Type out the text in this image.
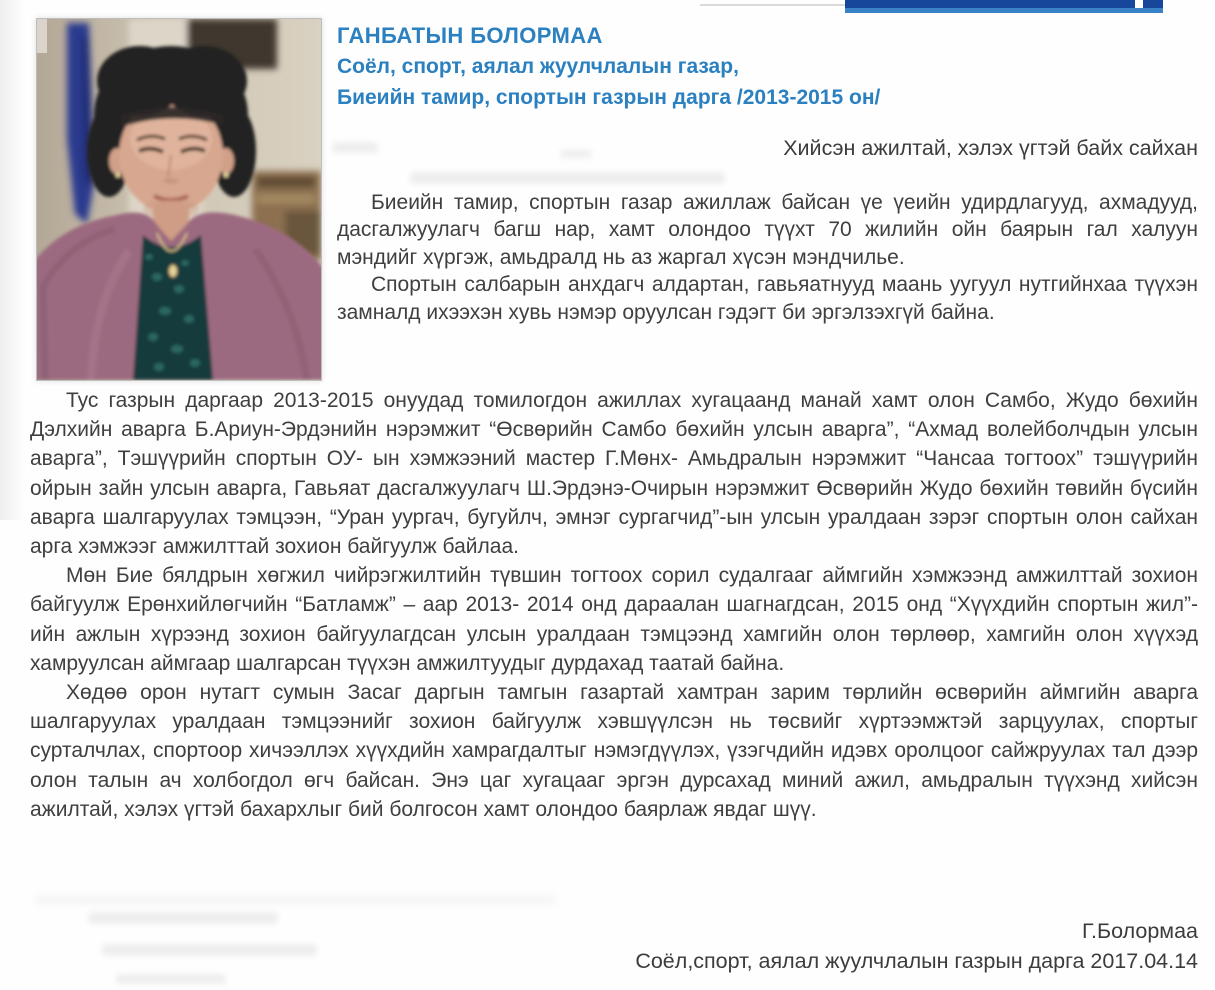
ГАНБАТЫН БОЛОРМАА

Соёл, спорт, аялал жуулчлалын газар,

Биеийн тамир, спортын газрын дарга /2013-2015 он/

Хийсэн ажилтай, хэлэх үгтэй байх сайхан

Биеийн тамир, спортын газар ажиллаж байсан үе үеийн удирдлагууд, ахмадууд, дасгалжуулагч багш нар, хамт олондоо түүхт 70 жилийн ойн баярын гал халуун мэндийг хүргэж, амьдралд нь аз жаргал хүсэн мэндчилье.

Спортын салбарын анхдагч алдартан, гавьяатнууд маань уугуул нутгийнхаа түүхэн замналд ихээхэн хувь нэмэр оруулсан гэдэгт би эргэлзэхгүй байна.

Тус газрын даргаар 2013-2015 онуудад томилогдон ажиллах хугацаанд манай хамт олон Самбо, Жудо бөхийн Дэлхийн аварга Б.Ариун-Эрдэнийн нэрэмжит “Өсвөрийн Самбо бөхийн улсын аварга”, “Ахмад волейболчдын улсын аварга”, Тэшүүрийн спортын ОУ- ын хэмжээний мастер Г.Мөнх- Амьдралын нэрэмжит “Чансаа тогтоох” тэшүүрийн ойрын зайн улсын аварга, Гавьяат дасгалжуулагч Ш.Эрдэнэ-Очирын нэрэмжит Өсвөрийн Жудо бөхийн төвийн бүсийн аварга шалгаруулах тэмцээн, “Уран уургач, бугуйлч, эмнэг сургагчид”-ын улсын уралдаан зэрэг спортын олон сайхан арга хэмжээг амжилттай зохион байгуулж байлаа.

Мөн Бие бялдрын хөгжил чийрэгжилтийн түвшин тогтоох сорил судалгааг аймгийн хэмжээнд амжилттай зохион байгуулж Ерөнхийлөгчийн “Батламж” – аар 2013- 2014 онд дараалан шагнагдсан, 2015 онд “Хүүхдийн спортын жил”-ийн ажлын хүрээнд зохион байгуулагдсан улсын уралдаан тэмцээнд хамгийн олон төрлөөр, хамгийн олон хүүхэд хамруулсан аймгаар шалгарсан түүхэн амжилтуудыг дурдахад таатай байна.

Хөдөө орон нутагт сумын Засаг даргын тамгын газартай хамтран зарим төрлийн өсвөрийн аймгийн аварга шалгаруулах уралдаан тэмцээнийг зохион байгуулж хэвшүүлсэн нь төсвийг хүртээмжтэй зарцуулах, спортыг сурталчлах, спортоор хичээллэх хүүхдийн хамрагдалтыг нэмэгдүүлэх, үзэгчдийн идэвх оролцоог сайжруулах тал дээр олон талын ач холбогдол өгч байсан. Энэ цаг хугацааг эргэн дурсахад миний ажил, амьдралын түүхэнд хийсэн ажилтай, хэлэх үгтэй бахархлыг бий болгосон хамт олондоо баярлаж явдаг шүү.

Г.Болормаа

Соёл,спорт, аялал жуулчлалын газрын дарга 2017.04.14
